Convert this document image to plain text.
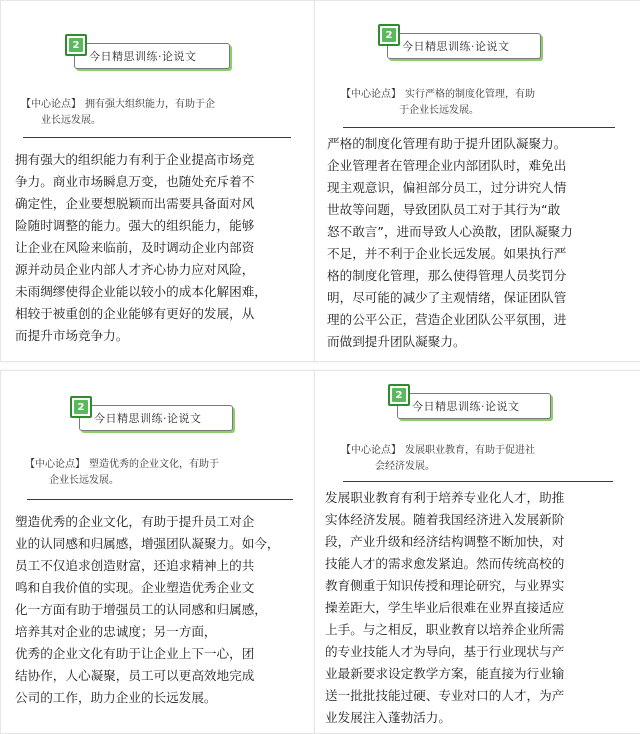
2
今日精思训练·论说文
【中心论点】 拥有强大组织能力，有助于企
业长远发展。
拥有强大的组织能力有利于企业提高市场竞
争力。商业市场瞬息万变，也随处充斥着不
确定性，企业要想脱颖而出需要具备面对风
险随时调整的能力。强大的组织能力，能够
让企业在风险来临前，及时调动企业内部资
源并动员企业内部人才齐心协力应对风险，
未雨绸缪使得企业能以较小的成本化解困难，
相较于被重创的企业能够有更好的发展，从
而提升市场竞争力。
2
今日精思训练·论说文
【中心论点】 实行严格的制度化管理，有助
于企业长远发展。
严格的制度化管理有助于提升团队凝聚力。
企业管理者在管理企业内部团队时，难免出
现主观意识，偏袒部分员工，过分讲究人情
世故等问题，导致团队员工对于其行为“敢
怒不敢言”，进而导致人心涣散，团队凝聚力
不足，并不利于企业长远发展。如果执行严
格的制度化管理，那么使得管理人员奖罚分
明，尽可能的减少了主观情绪，保证团队管
理的公平公正，营造企业团队公平氛围，进
而做到提升团队凝聚力。
2
今日精思训练·论说文
【中心论点】 塑造优秀的企业文化，有助于
企业长远发展。
塑造优秀的企业文化，有助于提升员工对企
业的认同感和归属感，增强团队凝聚力。如今，
员工不仅追求创造财富，还追求精神上的共
鸣和自我价值的实现。企业塑造优秀企业文
化一方面有助于增强员工的认同感和归属感，
培养其对企业的忠诚度；另一方面，
优秀的企业文化有助于让企业上下一心，团
结协作，人心凝聚，员工可以更高效地完成
公司的工作，助力企业的长远发展。
2
今日精思训练·论说文
【中心论点】 发展职业教育，有助于促进社
会经济发展。
发展职业教育有利于培养专业化人才，助推
实体经济发展。随着我国经济进入发展新阶
段，产业升级和经济结构调整不断加快，对
技能人才的需求愈发紧迫。然而传统高校的
教育侧重于知识传授和理论研究，与业界实
操差距大，学生毕业后很难在业界直接适应
上手。与之相反，职业教育以培养企业所需
的专业技能人才为导向，基于行业现状与产
业最新要求设定教学方案，能直接为行业输
送一批批技能过硬、专业对口的人才，为产
业发展注入蓬勃活力。
